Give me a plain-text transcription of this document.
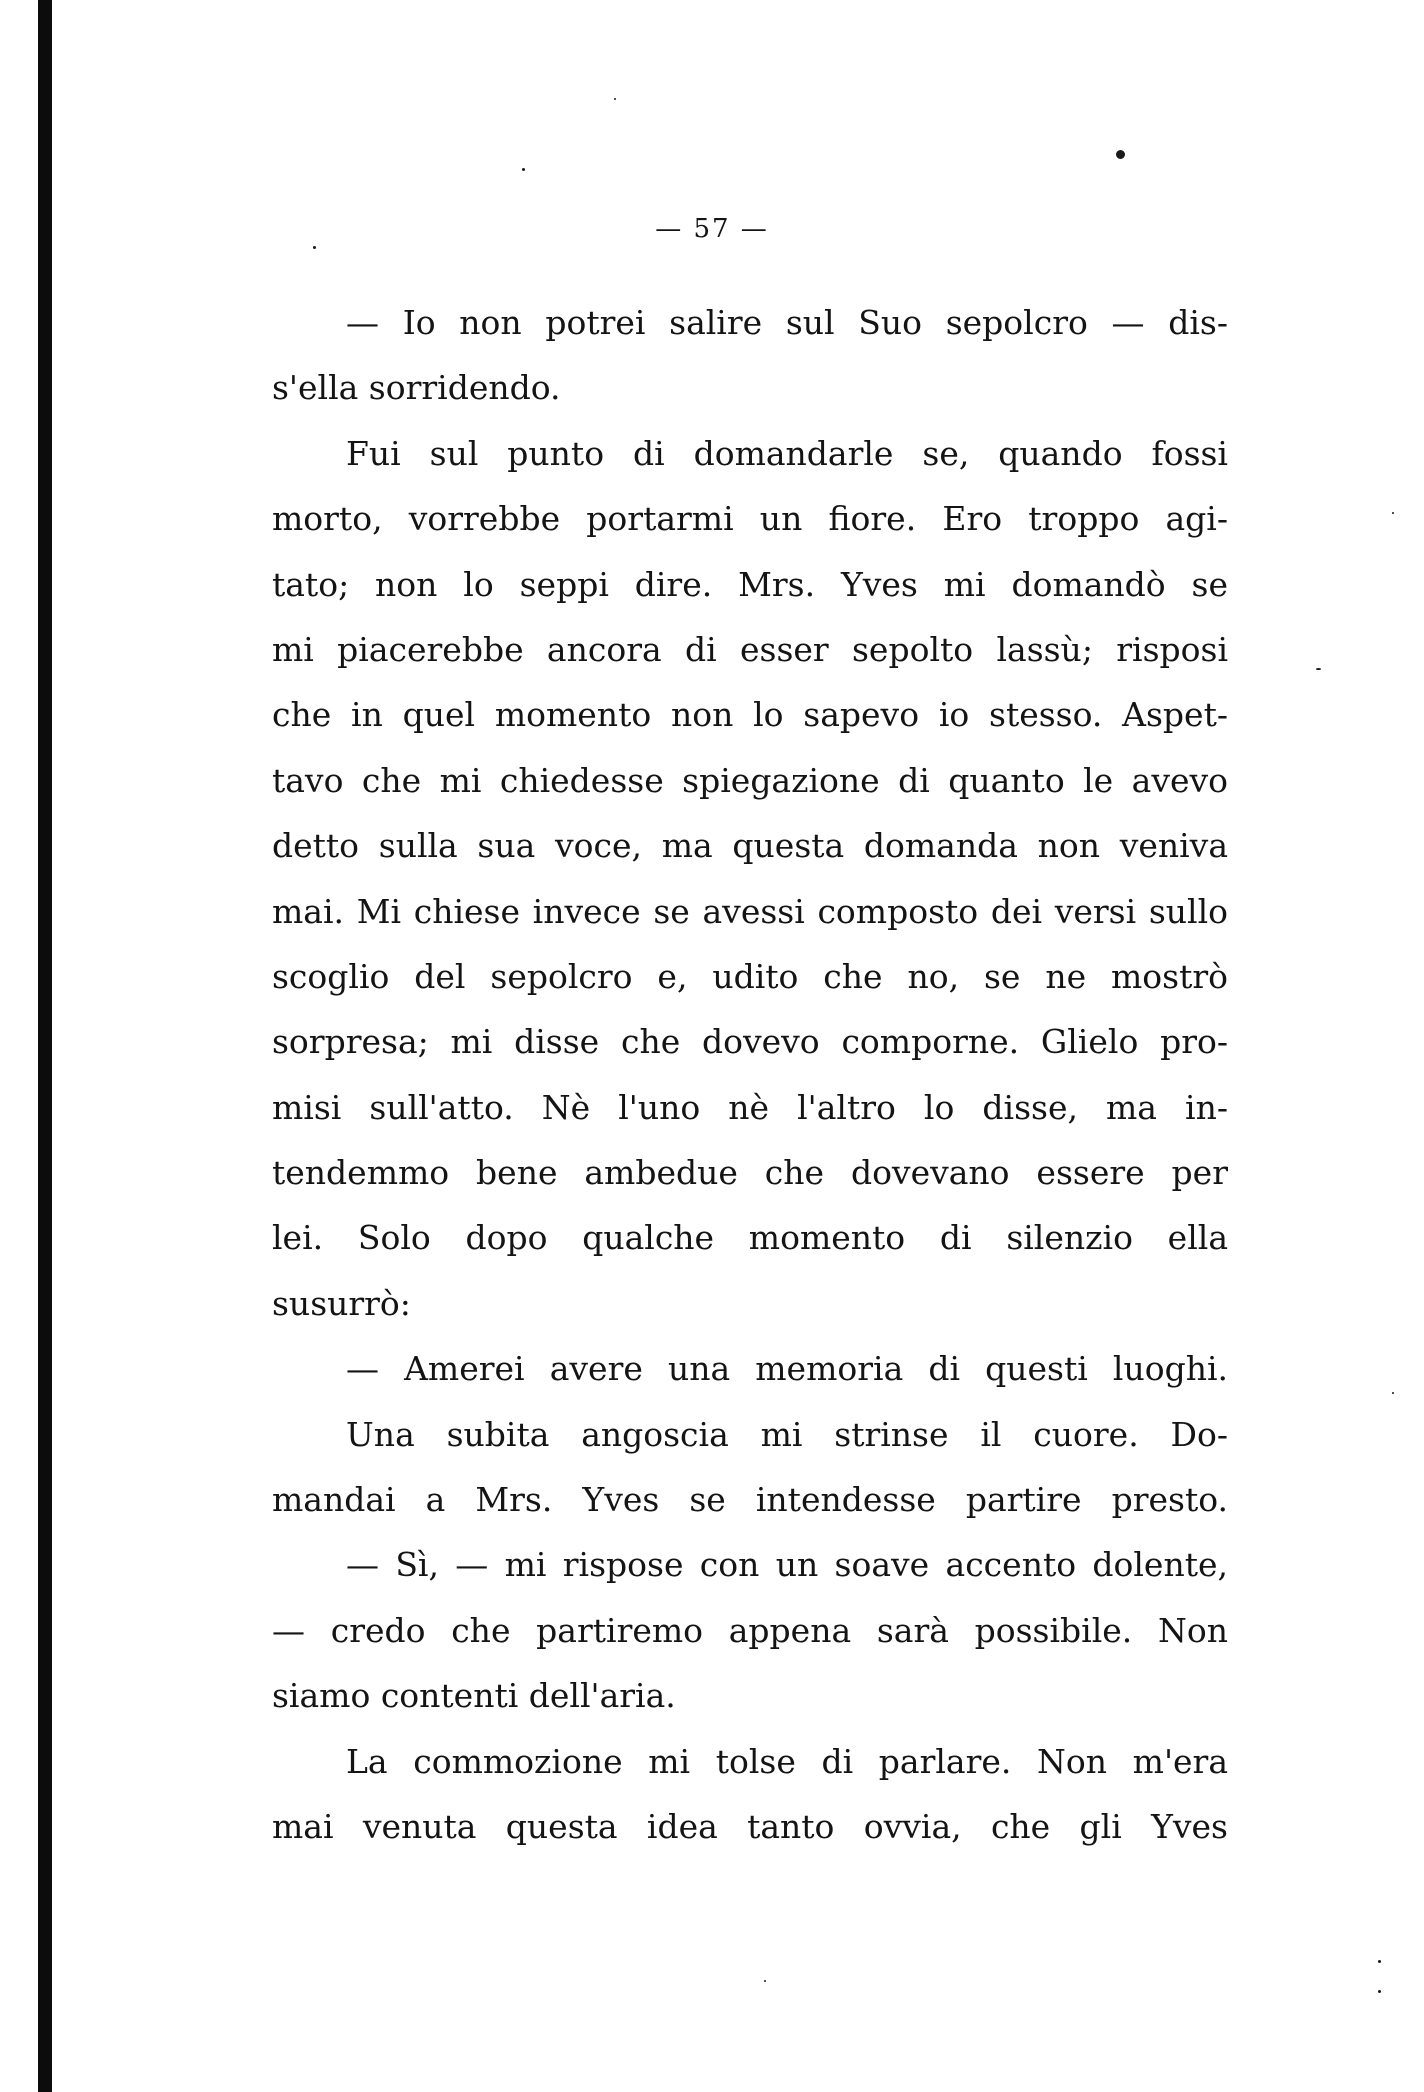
— 57 —
— Io non potrei salire sul Suo sepolcro — dis-
s'ella sorridendo.
Fui sul punto di domandarle se, quando fossi
morto, vorrebbe portarmi un fiore. Ero troppo agi-
tato; non lo seppi dire. Mrs. Yves mi domandò se
mi piacerebbe ancora di esser sepolto lassù; risposi
che in quel momento non lo sapevo io stesso. Aspet-
tavo che mi chiedesse spiegazione di quanto le avevo
detto sulla sua voce, ma questa domanda non veniva
mai. Mi chiese invece se avessi composto dei versi sullo
scoglio del sepolcro e, udito che no, se ne mostrò
sorpresa; mi disse che dovevo comporne. Glielo pro-
misi sull'atto. Nè l'uno nè l'altro lo disse, ma in-
tendemmo bene ambedue che dovevano essere per
lei. Solo dopo qualche momento di silenzio ella
susurrò:
— Amerei avere una memoria di questi luoghi.
Una subita angoscia mi strinse il cuore. Do-
mandai a Mrs. Yves se intendesse partire presto.
— Sì, — mi rispose con un soave accento dolente,
— credo che partiremo appena sarà possibile. Non
siamo contenti dell'aria.
La commozione mi tolse di parlare. Non m'era
mai venuta questa idea tanto ovvia, che gli Yves
